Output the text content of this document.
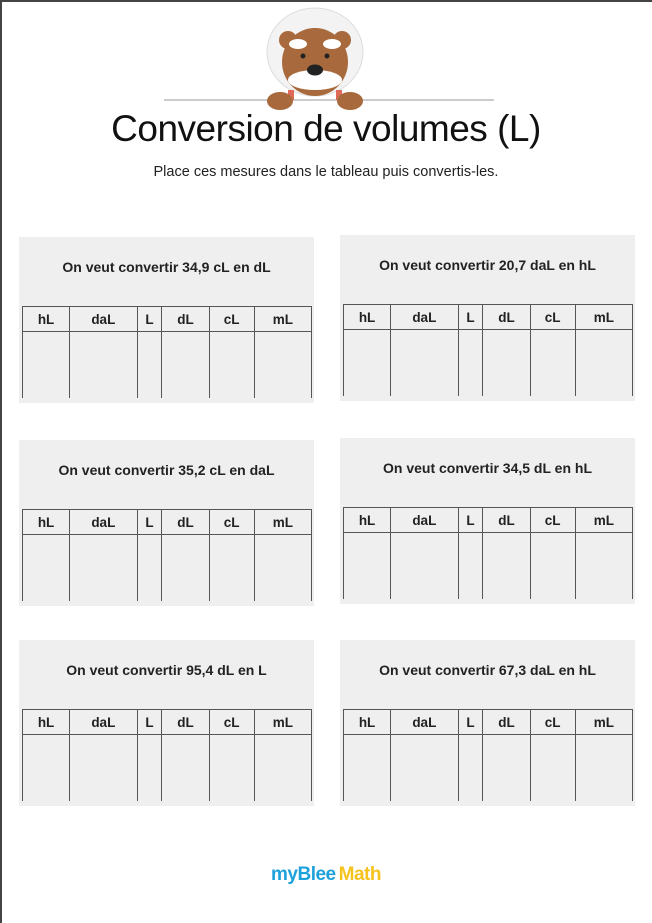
Conversion de volumes (L)
Place ces mesures dans le tableau puis convertis-les.
On veut convertir 34,9 cL en dL
hL	daL	L	dL	cL	mL

On veut convertir 20,7 daL en hL
hL	daL	L	dL	cL	mL

On veut convertir 35,2 cL en daL
hL	daL	L	dL	cL	mL

On veut convertir 34,5 dL en hL
hL	daL	L	dL	cL	mL

On veut convertir 95,4 dL en L
hL	daL	L	dL	cL	mL

On veut convertir 67,3 daL en hL
hL	daL	L	dL	cL	mL

myBlee Math
